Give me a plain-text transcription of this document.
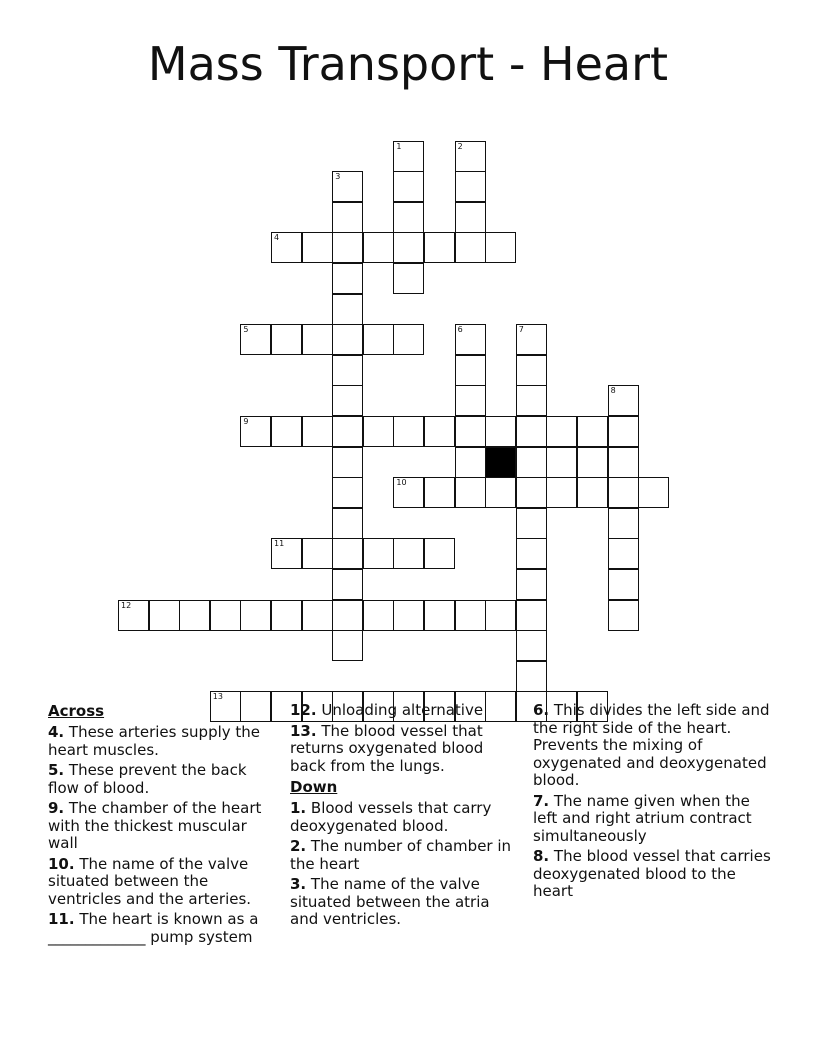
Mass Transport - Heart
1	2
3
4
5	6	7
8
9
10
11
12
13
Across

4. These arteries supply the heart muscles.

5. These prevent the back flow of blood.

9. The chamber of the heart with the thickest muscular wall

10. The name of the valve situated between the ventricles and the arteries.

11. The heart is known as a _____________ pump system

12. Unloading alternative

13. The blood vessel that returns oxygenated blood back from the lungs.

Down

1. Blood vessels that carry deoxygenated blood.

2. The number of chamber in the heart

3. The name of the valve situated between the atria and ventricles.

6. This divides the left side and the right side of the heart. Prevents the mixing of oxygenated and deoxygenated blood.

7. The name given when the left and right atrium contract simultaneously

8. The blood vessel that carries deoxygenated blood to the heart
